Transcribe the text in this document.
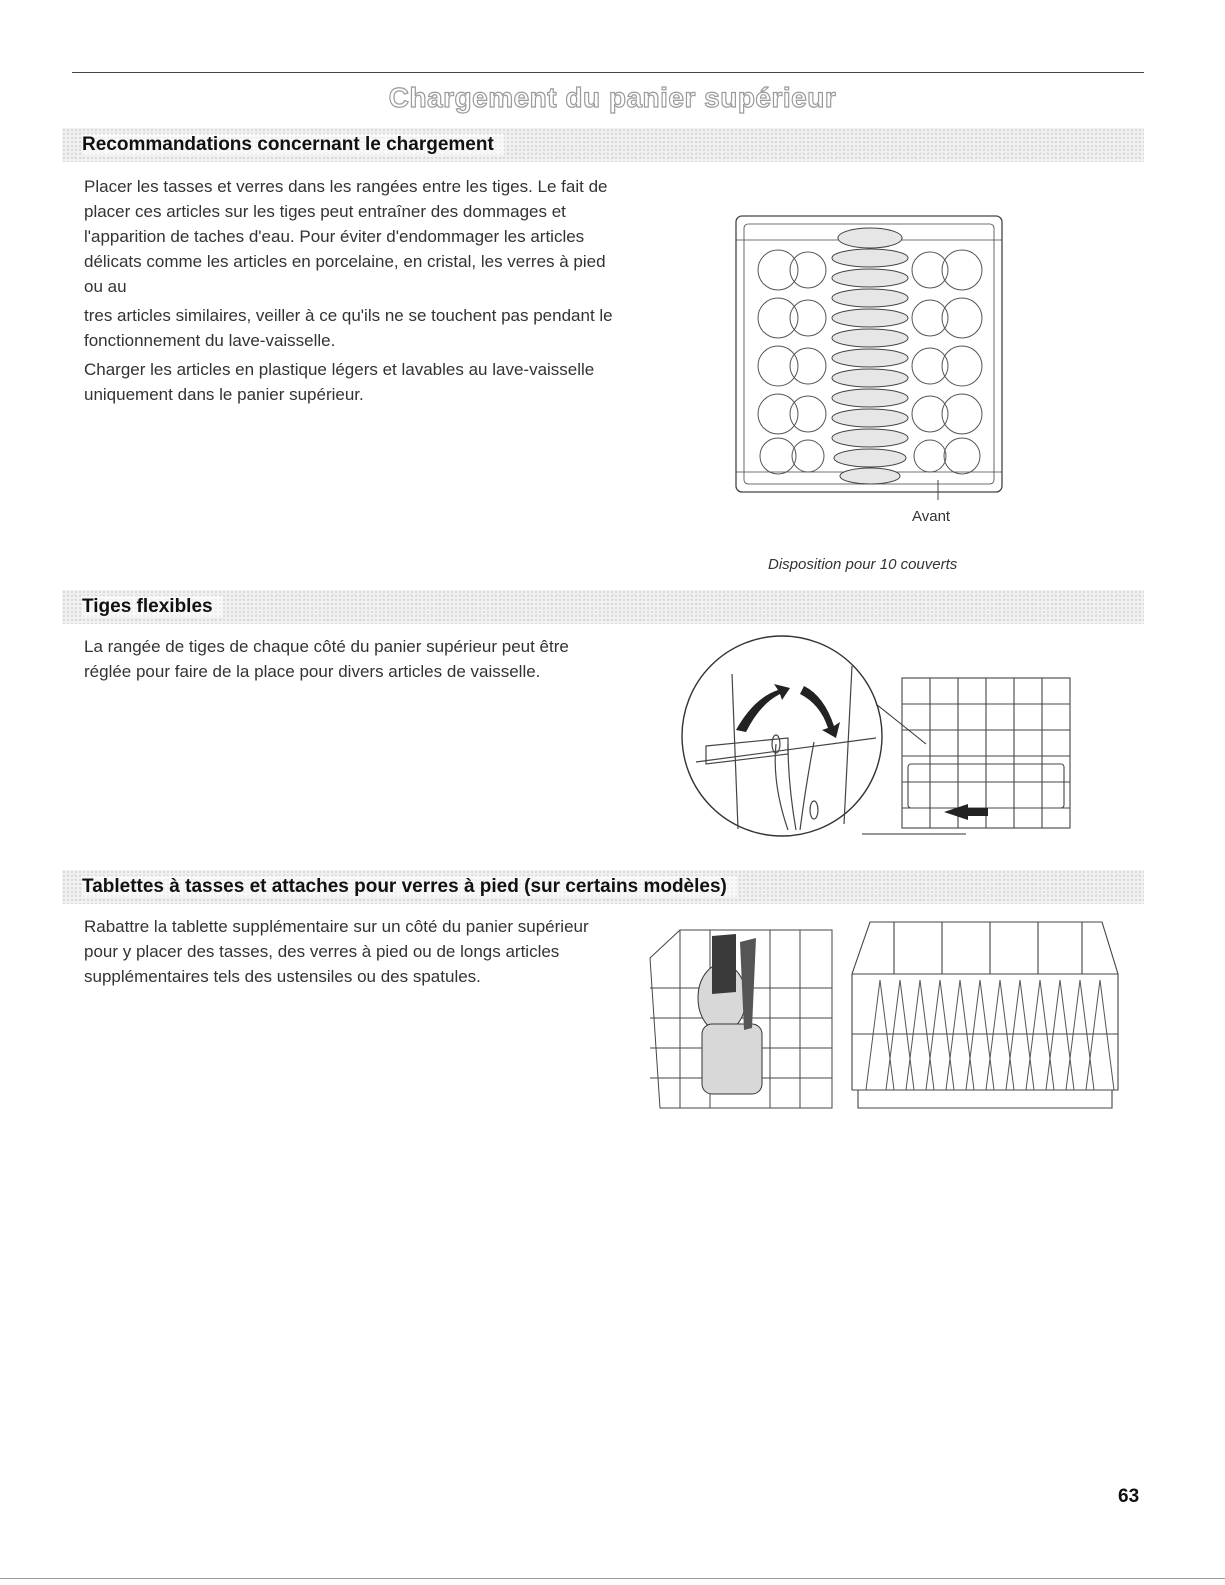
Chargement du panier supérieur
Recommandations concernant le chargement

Placer les tasses et verres dans les rangées entre les tiges. Le fait de placer ces articles sur les tiges peut entraîner des dommages et l'apparition de taches d'eau. Pour éviter d'endommager les articles délicats comme les articles en porcelaine, en cristal, les verres à pied ou au

tres articles similaires, veiller à ce qu'ils ne se touchent pas pendant le fonctionnement du lave-vaisselle.

Charger les articles en plastique légers et lavables au lave-vaisselle uniquement dans le panier supérieur.

Avant
Disposition pour 10 couverts
Tiges flexibles

La rangée de tiges de chaque côté du panier supérieur peut être réglée pour faire de la place pour divers articles de vaisselle.

Tablettes à tasses et attaches pour verres à pied (sur certains modèles)

Rabattre la tablette supplémentaire sur un côté du panier supérieur pour y placer des tasses, des verres à pied ou de longs articles supplémentaires tels des ustensiles ou des spatules.

63
